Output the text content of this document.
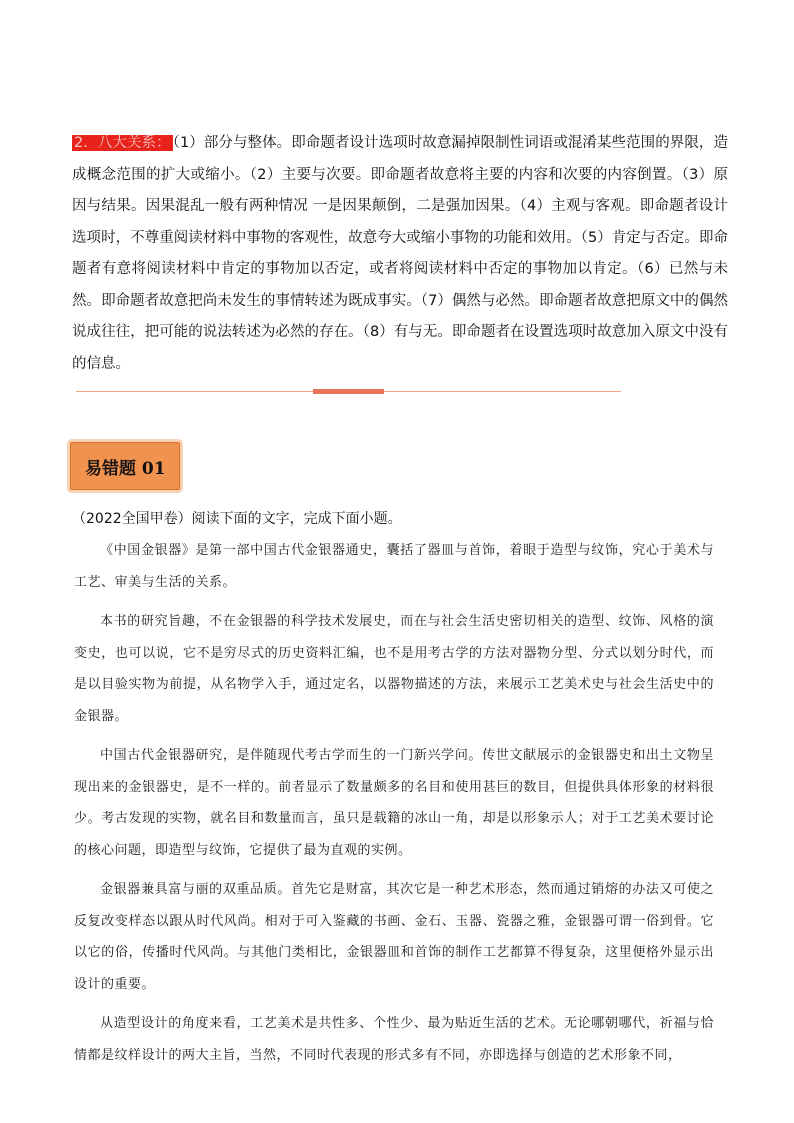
2．八大关系： （1）部分与整体。即命题者设计选项时故意漏掉限制性词语或混淆某些范围的界限，造成概念范围的扩大或缩小。（2）主要与次要。即命题者故意将主要的内容和次要的内容倒置。（3）原因与结果。因果混乱一般有两种情况 一是因果颠倒，二是强加因果。（4）主观与客观。即命题者设计选项时，不尊重阅读材料中事物的客观性，故意夸大或缩小事物的功能和效用。（5）肯定与否定。即命题者有意将阅读材料中肯定的事物加以否定，或者将阅读材料中否定的事物加以肯定。（6）已然与未然。即命题者故意把尚未发生的事情转述为既成事实。（7）偶然与必然。即命题者故意把原文中的偶然说成往往，把可能的说法转述为必然的存在。（8）有与无。即命题者在设置选项时故意加入原文中没有的信息。
易错题 01
（2022全国甲卷）阅读下面的文字，完成下面小题。

《中国金银器》是第一部中国古代金银器通史，囊括了器皿与首饰，着眼于造型与纹饰，究心于美术与工艺、审美与生活的关系。

本书的研究旨趣，不在金银器的科学技术发展史，而在与社会生活史密切相关的造型、纹饰、风格的演变史，也可以说，它不是穷尽式的历史资料汇编，也不是用考古学的方法对器物分型、分式以划分时代，而是以目验实物为前提，从名物学入手，通过定名，以器物描述的方法，来展示工艺美术史与社会生活史中的金银器。

中国古代金银器研究，是伴随现代考古学而生的一门新兴学问。传世文献展示的金银器史和出土文物呈现出来的金银器史，是不一样的。前者显示了数量颇多的名目和使用甚巨的数目，但提供具体形象的材料很少。考古发现的实物，就名目和数量而言，虽只是载籍的冰山一角，却是以形象示人；对于工艺美术要讨论的核心问题，即造型与纹饰，它提供了最为直观的实例。

金银器兼具富与丽的双重品质。首先它是财富，其次它是一种艺术形态，然而通过销熔的办法又可使之反复改变样态以跟从时代风尚。相对于可入鉴藏的书画、金石、玉器、瓷器之雅，金银器可谓一俗到骨。它以它的俗，传播时代风尚。与其他门类相比，金银器皿和首饰的制作工艺都算不得复杂，这里便格外显示出设计的重要。

从造型设计的角度来看，工艺美术是共性多、个性少、最为贴近生活的艺术。无论哪朝哪代，祈福与恰情都是纹样设计的两大主旨，当然，不同时代表现的形式多有不同，亦即选择与创造的艺术形象不同，
